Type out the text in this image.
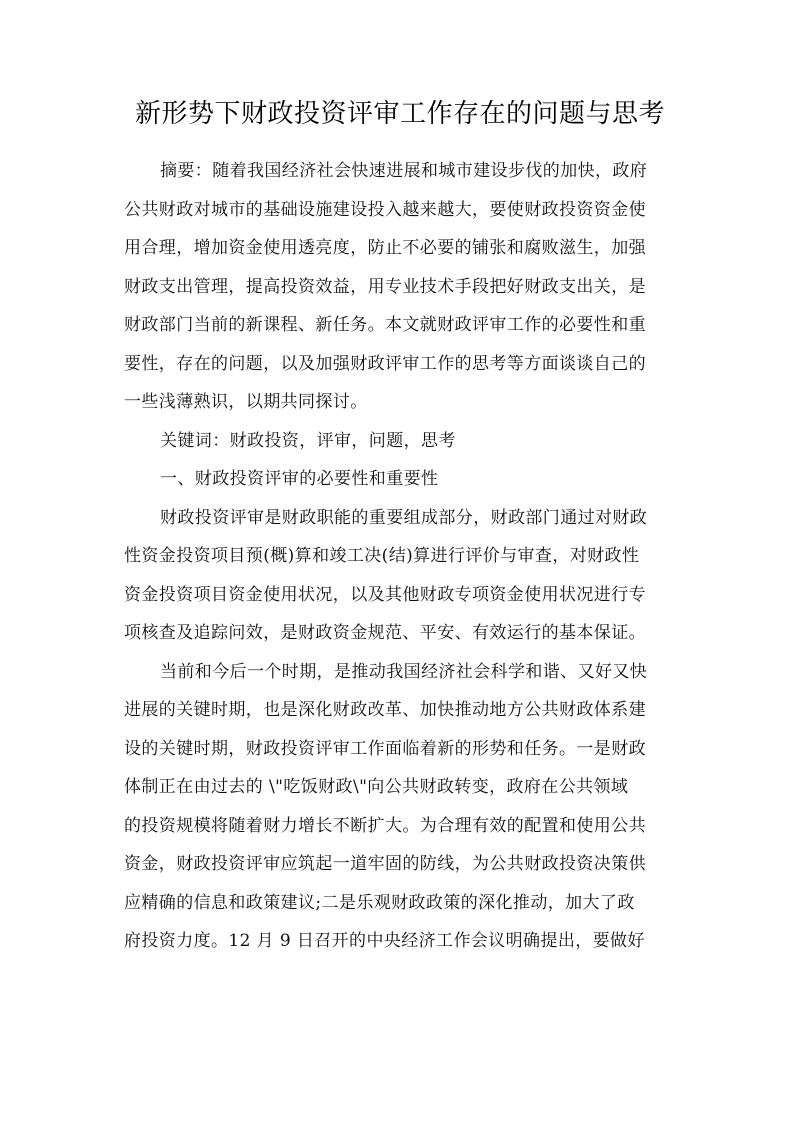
新形势下财政投资评审工作存在的问题与思考
摘要：随着我国经济社会快速进展和城市建设步伐的加快，政府
公共财政对城市的基础设施建设投入越来越大，要使财政投资资金使
用合理，增加资金使用透亮度，防止不必要的铺张和腐败滋生，加强
财政支出管理，提高投资效益，用专业技术手段把好财政支出关，是
财政部门当前的新课程、新任务。本文就财政评审工作的必要性和重
要性，存在的问题，以及加强财政评审工作的思考等方面谈谈自己的
一些浅薄熟识，以期共同探讨。
关键词：财政投资，评审，问题，思考
一、财政投资评审的必要性和重要性
财政投资评审是财政职能的重要组成部分，财政部门通过对财政
性资金投资项目预(概)算和竣工决(结)算进行评价与审查，对财政性
资金投资项目资金使用状况，以及其他财政专项资金使用状况进行专
项核查及追踪问效，是财政资金规范、平安、有效运行的基本保证。
当前和今后一个时期，是推动我国经济社会科学和谐、又好又快
进展的关键时期，也是深化财政改革、加快推动地方公共财政体系建
设的关键时期，财政投资评审工作面临着新的形势和任务。一是财政
体制正在由过去的 \"吃饭财政\"向公共财政转变，政府在公共领域
的投资规模将随着财力增长不断扩大。为合理有效的配置和使用公共
资金，财政投资评审应筑起一道牢固的防线，为公共财政投资决策供
应精确的信息和政策建议;二是乐观财政政策的深化推动，加大了政
府投资力度。12 月 9 日召开的中央经济工作会议明确提出，要做好
